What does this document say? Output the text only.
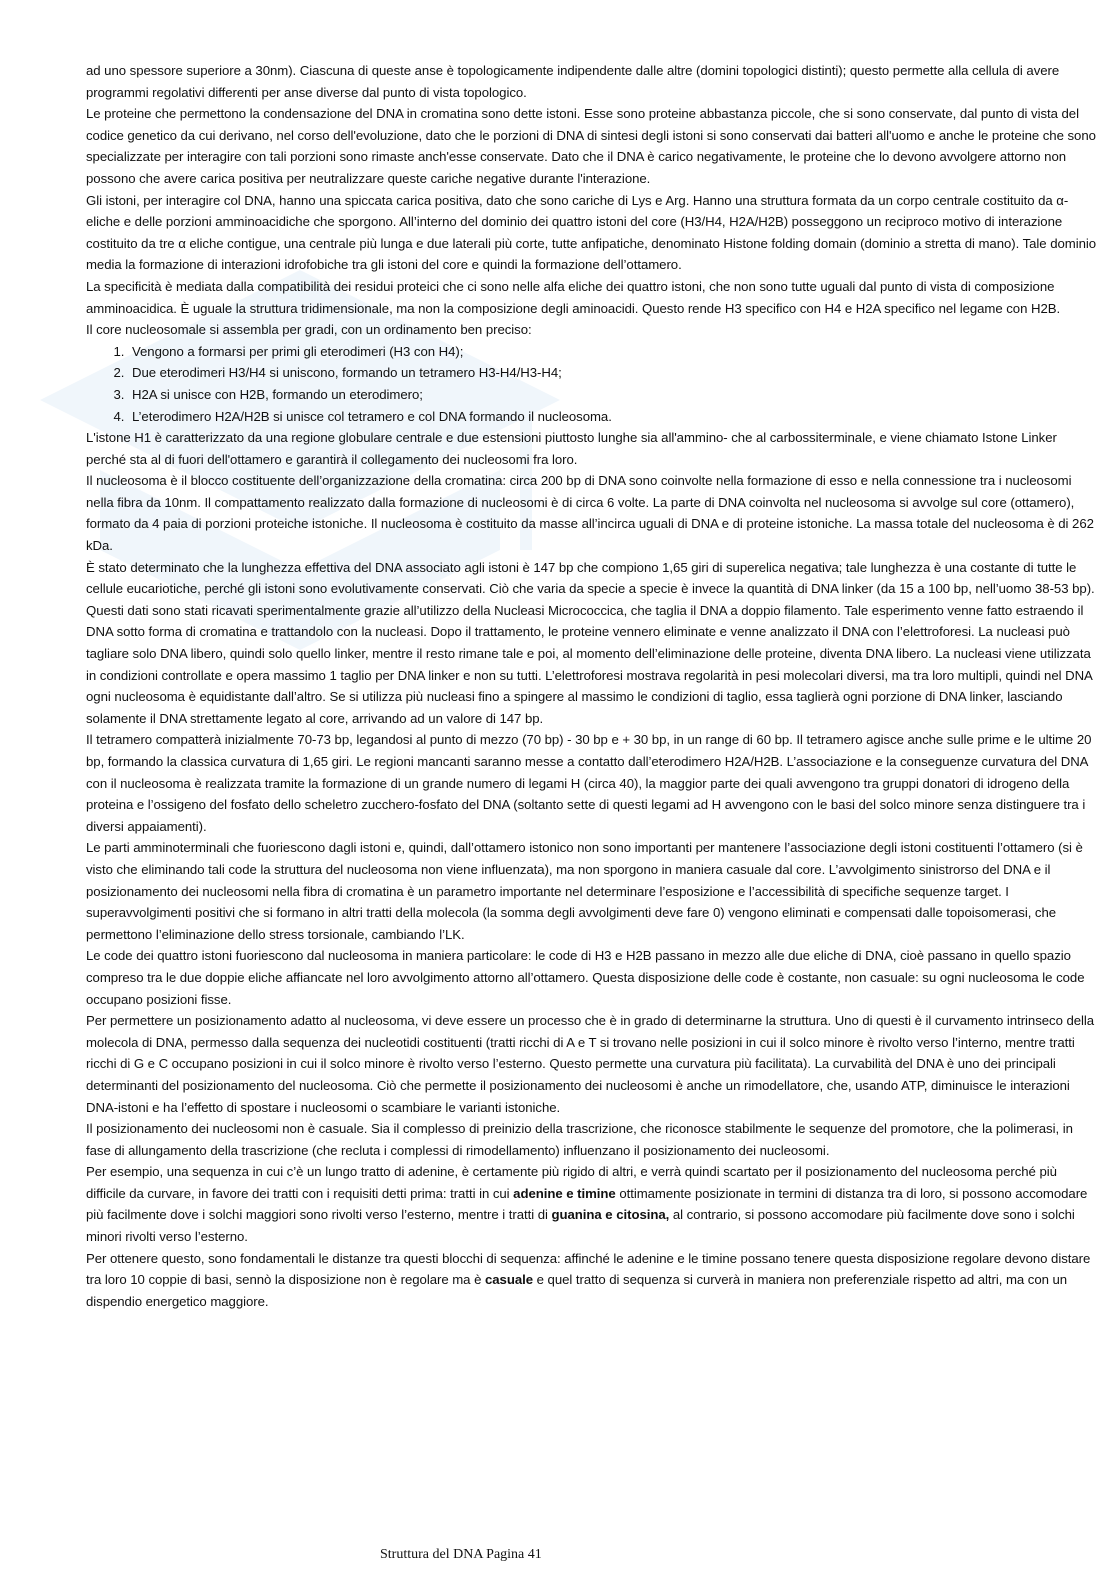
ad uno spessore superiore a 30nm). Ciascuna di queste anse è topologicamente indipendente dalle altre (domini topologici distinti); questo permette alla cellula di avere programmi regolativi differenti per anse diverse dal punto di vista topologico.

Le proteine che permettono la condensazione del DNA in cromatina sono dette istoni. Esse sono proteine abbastanza piccole, che si sono conservate, dal punto di vista del codice genetico da cui derivano, nel corso dell'evoluzione, dato che le porzioni di DNA di sintesi degli istoni si sono conservati dai batteri all'uomo e anche le proteine che sono specializzate per interagire con tali porzioni sono rimaste anch'esse conservate. Dato che il DNA è carico negativamente, le proteine che lo devono avvolgere attorno non possono che avere carica positiva per neutralizzare queste cariche negative durante l'interazione.

Gli istoni, per interagire col DNA, hanno una spiccata carica positiva, dato che sono cariche di Lys e Arg. Hanno una struttura formata da un corpo centrale costituito da α-eliche e delle porzioni amminoacidiche che sporgono. All’interno del dominio dei quattro istoni del core (H3/H4, H2A/H2B) posseggono un reciproco motivo di interazione costituito da tre α eliche contigue, una centrale più lunga e due laterali più corte, tutte anfipatiche, denominato Histone folding domain (dominio a stretta di mano). Tale dominio media la formazione di interazioni idrofobiche tra gli istoni del core e quindi la formazione dell’ottamero.

La specificità è mediata dalla compatibilità dei residui proteici che ci sono nelle alfa eliche dei quattro istoni, che non sono tutte uguali dal punto di vista di composizione amminoacidica. È uguale la struttura tridimensionale, ma non la composizione degli aminoacidi. Questo rende H3 specifico con H4 e H2A specifico nel legame con H2B.

Il core nucleosomale si assembla per gradi, con un ordinamento ben preciso:

1. Vengono a formarsi per primi gli eterodimeri (H3 con H4);
2. Due eterodimeri H3/H4 si uniscono, formando un tetramero H3-H4/H3-H4;
3. H2A si unisce con H2B, formando un eterodimero;
4. L’eterodimero H2A/H2B si unisce col tetramero e col DNA formando il nucleosoma.

L'istone H1 è caratterizzato da una regione globulare centrale e due estensioni piuttosto lunghe sia all'ammino- che al carbossiterminale, e viene chiamato Istone Linker perché sta al di fuori dell'ottamero e garantirà il collegamento dei nucleosomi fra loro.

Il nucleosoma è il blocco costituente dell’organizzazione della cromatina: circa 200 bp di DNA sono coinvolte nella formazione di esso e nella connessione tra i nucleosomi nella fibra da 10nm. Il compattamento realizzato dalla formazione di nucleosomi è di circa 6 volte. La parte di DNA coinvolta nel nucleosoma si avvolge sul core (ottamero), formato da 4 paia di porzioni proteiche istoniche. Il nucleosoma è costituito da masse all’incirca uguali di DNA e di proteine istoniche. La massa totale del nucleosoma è di 262 kDa.

È stato determinato che la lunghezza effettiva del DNA associato agli istoni è 147 bp che compiono 1,65 giri di superelica negativa; tale lunghezza è una costante di tutte le cellule eucariotiche, perché gli istoni sono evolutivamente conservati. Ciò che varia da specie a specie è invece la quantità di DNA linker (da 15 a 100 bp, nell’uomo 38-53 bp). Questi dati sono stati ricavati sperimentalmente grazie all’utilizzo della Nucleasi Micrococcica, che taglia il DNA a doppio filamento. Tale esperimento venne fatto estraendo il DNA sotto forma di cromatina e trattandolo con la nucleasi. Dopo il trattamento, le proteine vennero eliminate e venne analizzato il DNA con l’elettroforesi. La nucleasi può tagliare solo DNA libero, quindi solo quello linker, mentre il resto rimane tale e poi, al momento dell’eliminazione delle proteine, diventa DNA libero. La nucleasi viene utilizzata in condizioni controllate e opera massimo 1 taglio per DNA linker e non su tutti. L’elettroforesi mostrava regolarità in pesi molecolari diversi, ma tra loro multipli, quindi nel DNA ogni nucleosoma è equidistante dall’altro. Se si utilizza più nucleasi fino a spingere al massimo le condizioni di taglio, essa taglierà ogni porzione di DNA linker, lasciando solamente il DNA strettamente legato al core, arrivando ad un valore di 147 bp.

Il tetramero compatterà inizialmente 70-73 bp, legandosi al punto di mezzo (70 bp) - 30 bp e + 30 bp, in un range di 60 bp. Il tetramero agisce anche sulle prime e le ultime 20 bp, formando la classica curvatura di 1,65 giri. Le regioni mancanti saranno messe a contatto dall’eterodimero H2A/H2B. L’associazione e la conseguenze curvatura del DNA con il nucleosoma è realizzata tramite la formazione di un grande numero di legami H (circa 40), la maggior parte dei quali avvengono tra gruppi donatori di idrogeno della proteina e l’ossigeno del fosfato dello scheletro zucchero-fosfato del DNA (soltanto sette di questi legami ad H avvengono con le basi del solco minore senza distinguere tra i diversi appaiamenti).

Le parti amminoterminali che fuoriescono dagli istoni e, quindi, dall’ottamero istonico non sono importanti per mantenere l’associazione degli istoni costituenti l’ottamero (si è visto che eliminando tali code la struttura del nucleosoma non viene influenzata), ma non sporgono in maniera casuale dal core. L’avvolgimento sinistrorso del DNA e il posizionamento dei nucleosomi nella fibra di cromatina è un parametro importante nel determinare l’esposizione e l’accessibilità di specifiche sequenze target. I superavvolgimenti positivi che si formano in altri tratti della molecola (la somma degli avvolgimenti deve fare 0) vengono eliminati e compensati dalle topoisomerasi, che permettono l’eliminazione dello stress torsionale, cambiando l’LK.

Le code dei quattro istoni fuoriescono dal nucleosoma in maniera particolare: le code di H3 e H2B passano in mezzo alle due eliche di DNA, cioè passano in quello spazio compreso tra le due doppie eliche affiancate nel loro avvolgimento attorno all’ottamero. Questa disposizione delle code è costante, non casuale: su ogni nucleosoma le code occupano posizioni fisse.

Per permettere un posizionamento adatto al nucleosoma, vi deve essere un processo che è in grado di determinarne la struttura. Uno di questi è il curvamento intrinseco della molecola di DNA, permesso dalla sequenza dei nucleotidi costituenti (tratti ricchi di A e T si trovano nelle posizioni in cui il solco minore è rivolto verso l’interno, mentre tratti ricchi di G e C occupano posizioni in cui il solco minore è rivolto verso l’esterno. Questo permette una curvatura più facilitata). La curvabilità del DNA è uno dei principali determinanti del posizionamento del nucleosoma. Ciò che permette il posizionamento dei nucleosomi è anche un rimodellatore, che, usando ATP, diminuisce le interazioni DNA-istoni e ha l’effetto di spostare i nucleosomi o scambiare le varianti istoniche.

Il posizionamento dei nucleosomi non è casuale. Sia il complesso di preinizio della trascrizione, che riconosce stabilmente le sequenze del promotore, che la polimerasi, in fase di allungamento della trascrizione (che recluta i complessi di rimodellamento) influenzano il posizionamento dei nucleosomi.

Per esempio, una sequenza in cui c’è un lungo tratto di adenine, è certamente più rigido di altri, e verrà quindi scartato per il posizionamento del nucleosoma perché più difficile da curvare, in favore dei tratti con i requisiti detti prima: tratti in cui adenine e timine ottimamente posizionate in termini di distanza tra di loro, si possono accomodare più facilmente dove i solchi maggiori sono rivolti verso l’esterno, mentre i tratti di guanina e citosina, al contrario, si possono accomodare più facilmente dove sono i solchi minori rivolti verso l’esterno.

Per ottenere questo, sono fondamentali le distanze tra questi blocchi di sequenza: affinché le adenine e le timine possano tenere questa disposizione regolare devono distare tra loro 10 coppie di basi, sennò la disposizione non è regolare ma è casuale e quel tratto di sequenza si curverà in maniera non preferenziale rispetto ad altri, ma con un dispendio energetico maggiore.

Struttura del DNA Pagina 41
